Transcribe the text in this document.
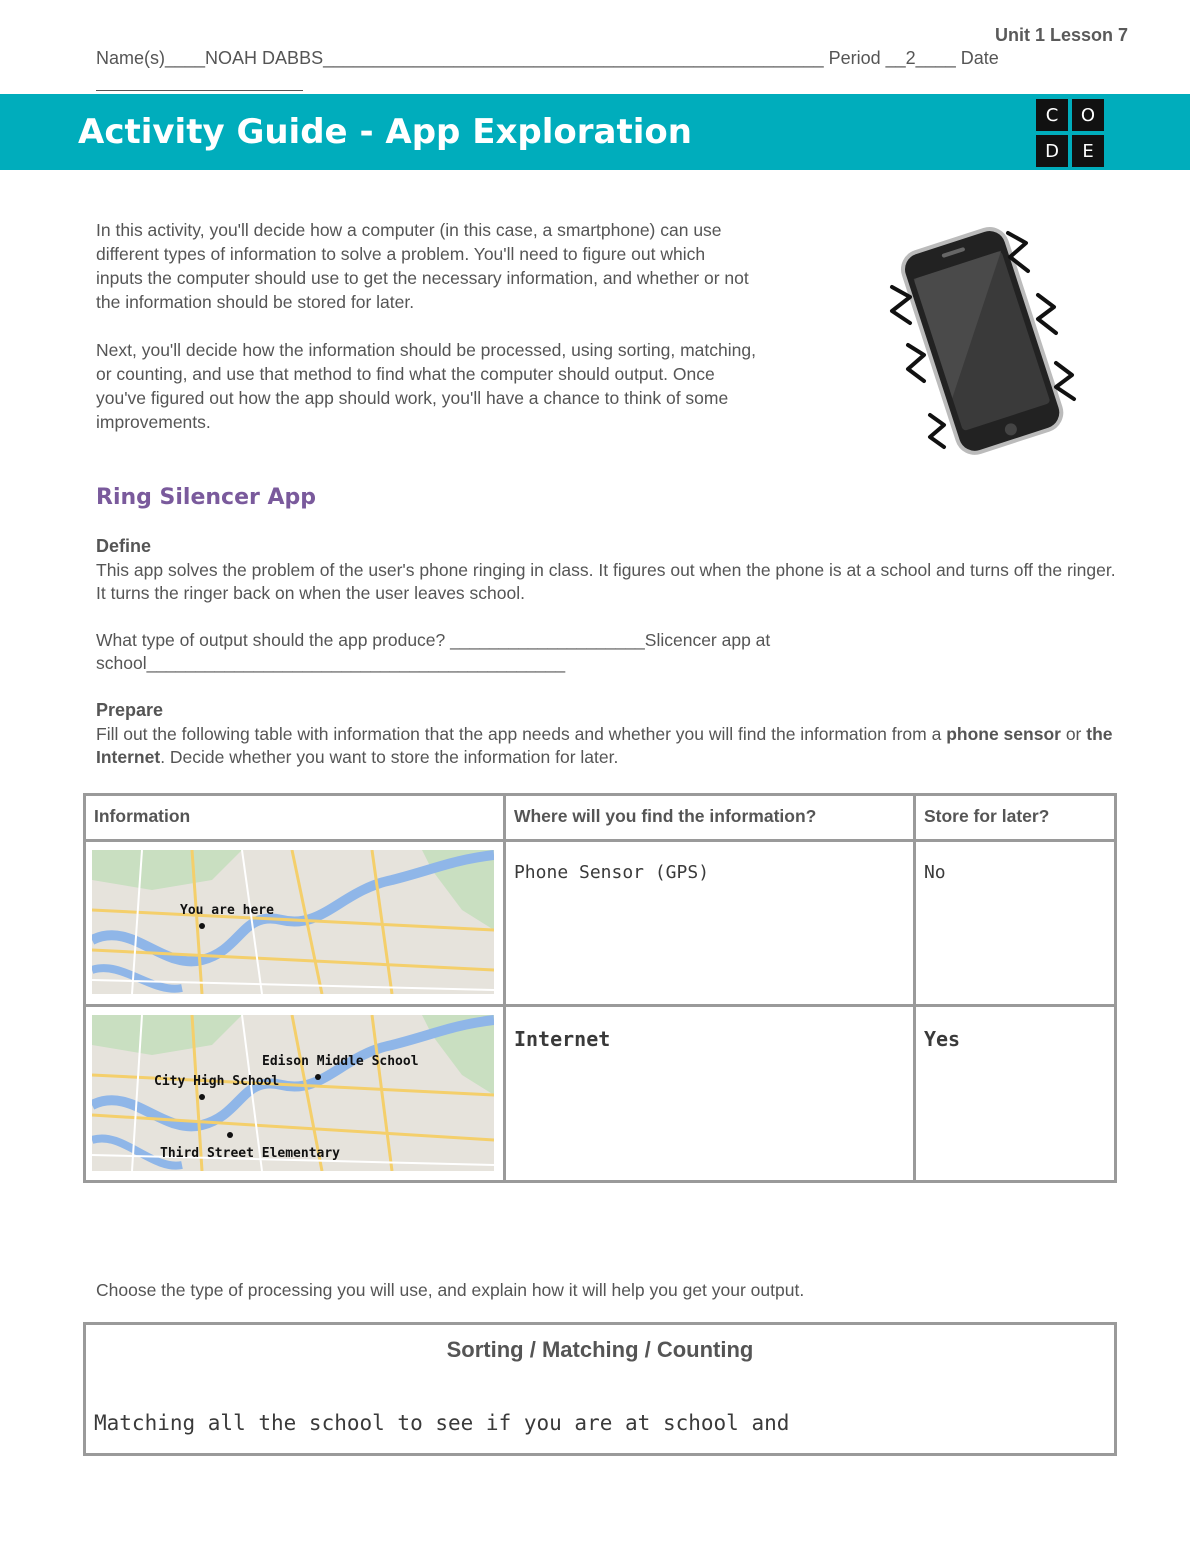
Unit 1 Lesson 7
Name(s)____NOAH DABBS__________________________________________________ Period __2____ Date
Activity Guide - App Exploration	C	O
D	E

In this activity, you'll decide how a computer (in this case, a smartphone) can use different types of information to solve a problem. You'll need to figure out which inputs the computer should use to get the necessary information, and whether or not the information should be stored for later.

Next, you'll decide how the information should be processed, using sorting, matching, or counting, and use that method to find what the computer should output. Once you've figured out how the app should work, you'll have a chance to think of some improvements.

Ring Silencer App
Define
This app solves the problem of the user's phone ringing in class. It figures out when the phone is at a school and turns off the ringer. It turns the ringer back on when the user leaves school.
What type of output should the app produce? ____________________Slicencer app at school___________________________________________
Prepare
Fill out the following table with information that the app needs and whether you will find the information from a phone sensor or the Internet. Decide whether you want to store the information for later.
Information	Where will you find the information?	Store for later?

You are here	Phone Sensor (GPS)	No

Edison Middle School
City High School
Third Street Elementary	Internet	Yes
Choose the type of processing you will use, and explain how it will help you get your output.
Sorting / Matching / Counting
Matching all the school to see if you are at school and
